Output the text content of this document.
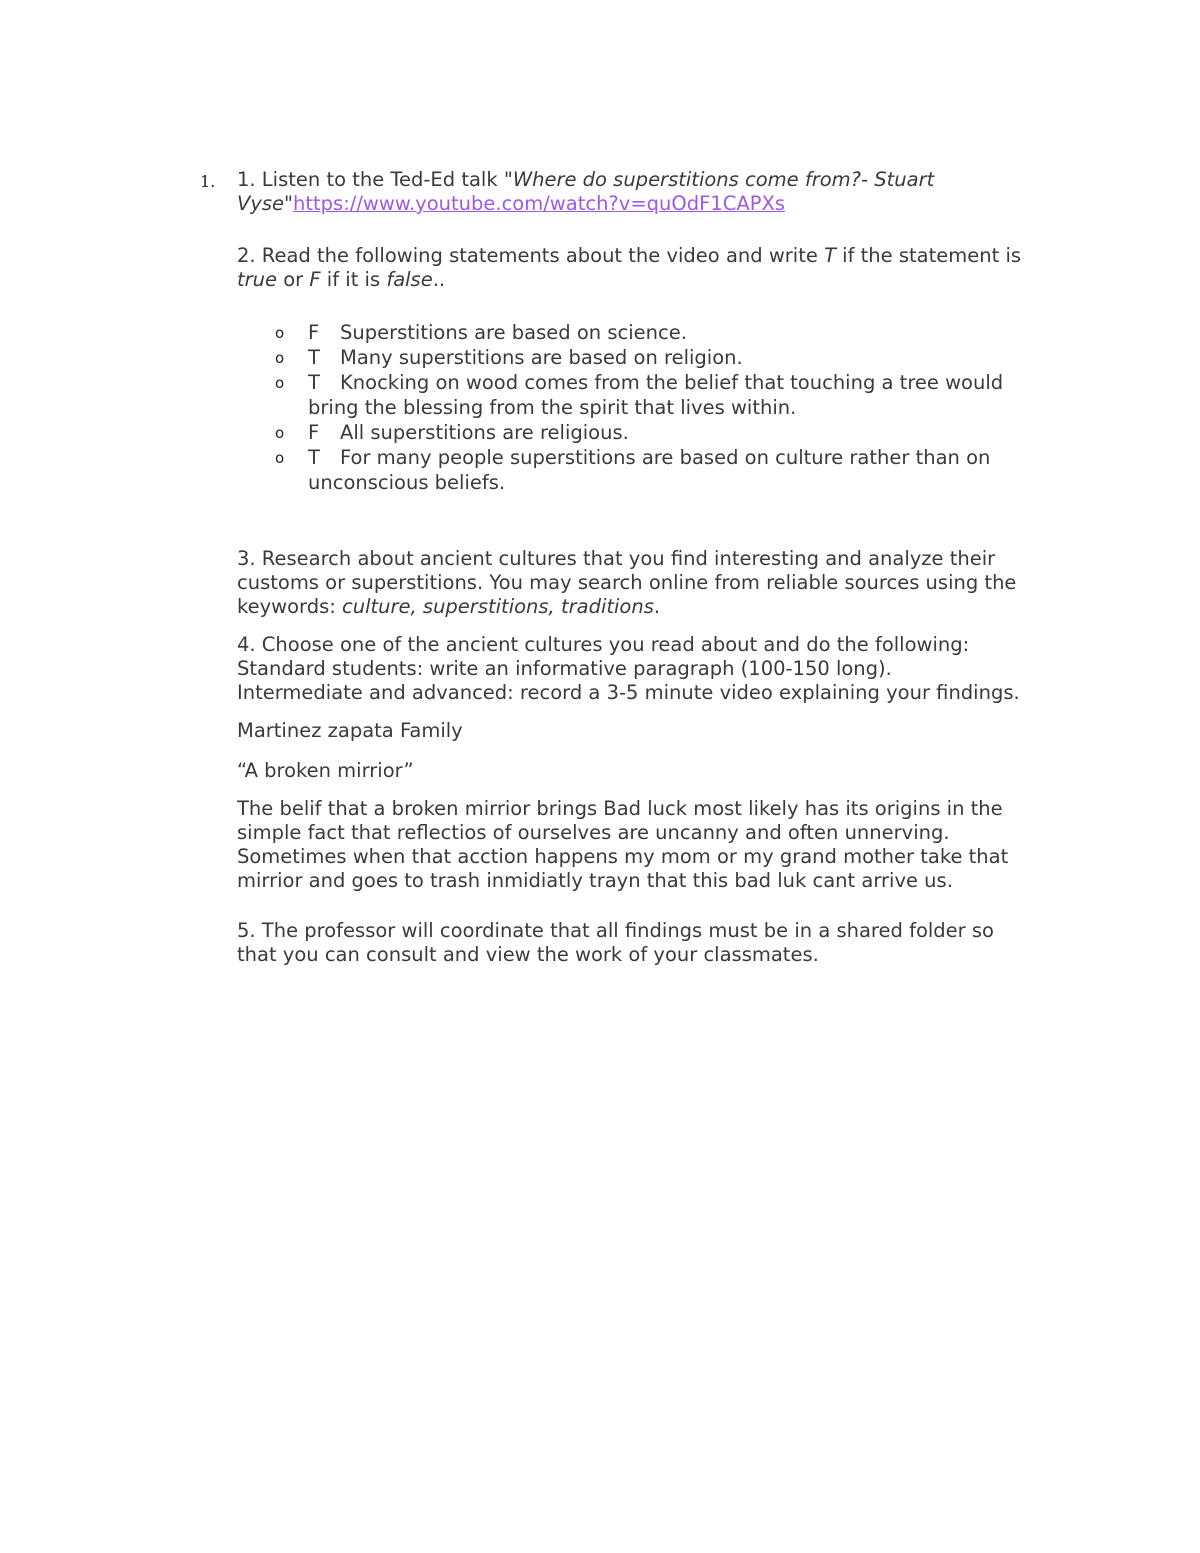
1. 1. Listen to the Ted-Ed talk "Where do superstitions come from?- Stuart Vyse"https://www.youtube.com/watch?v=quOdF1CAPXs

2. Read the following statements about the video and write T if the statement is true or F if it is false..

o F Superstitions are based on science.
o T Many superstitions are based on religion.
o T Knocking on wood comes from the belief that touching a tree would bring the blessing from the spirit that lives within.
o F All superstitions are religious.
o T For many people superstitions are based on culture rather than on unconscious beliefs.

3. Research about ancient cultures that you find interesting and analyze their customs or superstitions. You may search online from reliable sources using the keywords: culture, superstitions, traditions.

4. Choose one of the ancient cultures you read about and do the following:
Standard students: write an informative paragraph (100-150 long).
Intermediate and advanced: record a 3-5 minute video explaining your findings.

Martinez zapata Family

“A broken mirrior”

The belif that a broken mirrior brings Bad luck most likely has its origins in the simple fact that reflectios of ourselves are uncanny and often unnerving. Sometimes when that acction happens my mom or my grand mother take that mirrior and goes to trash inmidiatly trayn that this bad luk cant arrive us.

5. The professor will coordinate that all findings must be in a shared folder so that you can consult and view the work of your classmates.
